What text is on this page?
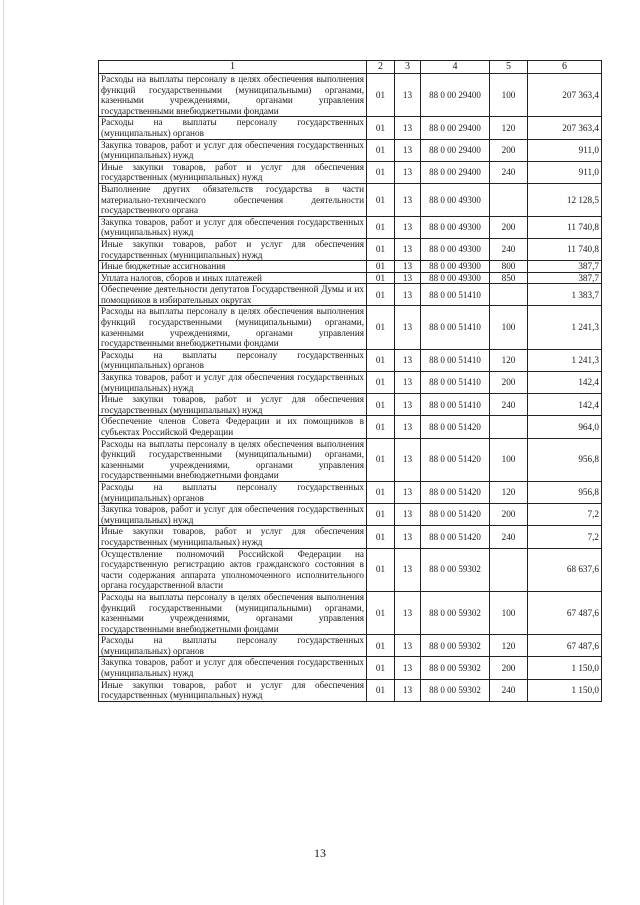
1	2	3	4	5	6
Расходы на выплаты персоналу в целях обеспечения выполнения функций государственными (муниципальными) органами, казенными учреждениями, органами управления государственными внебюджетными фондами	01	13	88 0 00 29400	100	207 363,4
Расходы на выплаты персоналу государственных (муниципальных) органов	01	13	88 0 00 29400	120	207 363,4
Закупка товаров, работ и услуг для обеспечения государственных (муниципальных) нужд	01	13	88 0 00 29400	200	911,0
Иные закупки товаров, работ и услуг для обеспечения государственных (муниципальных) нужд	01	13	88 0 00 29400	240	911,0
Выполнение других обязательств государства в части материально-технического обеспечения деятельности государственного органа	01	13	88 0 00 49300		12 128,5
Закупка товаров, работ и услуг для обеспечения государственных (муниципальных) нужд	01	13	88 0 00 49300	200	11 740,8
Иные закупки товаров, работ и услуг для обеспечения государственных (муниципальных) нужд	01	13	88 0 00 49300	240	11 740,8
Иные бюджетные ассигнования	01	13	88 0 00 49300	800	387,7
Уплата налогов, сборов и иных платежей	01	13	88 0 00 49300	850	387,7
Обеспечение деятельности депутатов Государственной Думы и их помощников в избирательных округах	01	13	88 0 00 51410		1 383,7
Расходы на выплаты персоналу в целях обеспечения выполнения функций государственными (муниципальными) органами, казенными учреждениями, органами управления государственными внебюджетными фондами	01	13	88 0 00 51410	100	1 241,3
Расходы на выплаты персоналу государственных (муниципальных) органов	01	13	88 0 00 51410	120	1 241,3
Закупка товаров, работ и услуг для обеспечения государственных (муниципальных) нужд	01	13	88 0 00 51410	200	142,4
Иные закупки товаров, работ и услуг для обеспечения государственных (муниципальных) нужд	01	13	88 0 00 51410	240	142,4
Обеспечение членов Совета Федерации и их помощников в субъектах Российской Федерации	01	13	88 0 00 51420		964,0
Расходы на выплаты персоналу в целях обеспечения выполнения функций государственными (муниципальными) органами, казенными учреждениями, органами управления государственными внебюджетными фондами	01	13	88 0 00 51420	100	956,8
Расходы на выплаты персоналу государственных (муниципальных) органов	01	13	88 0 00 51420	120	956,8
Закупка товаров, работ и услуг для обеспечения государственных (муниципальных) нужд	01	13	88 0 00 51420	200	7,2
Иные закупки товаров, работ и услуг для обеспечения государственных (муниципальных) нужд	01	13	88 0 00 51420	240	7,2
Осуществление полномочий Российской Федерации на государственную регистрацию актов гражданского состояния в части содержания аппарата уполномоченного исполнительного органа государственной власти	01	13	88 0 00 59302		68 637,6
Расходы на выплаты персоналу в целях обеспечения выполнения функций государственными (муниципальными) органами, казенными учреждениями, органами управления государственными внебюджетными фондами	01	13	88 0 00 59302	100	67 487,6
Расходы на выплаты персоналу государственных (муниципальных) органов	01	13	88 0 00 59302	120	67 487,6
Закупка товаров, работ и услуг для обеспечения государственных (муниципальных) нужд	01	13	88 0 00 59302	200	1 150,0
Иные закупки товаров, работ и услуг для обеспечения государственных (муниципальных) нужд	01	13	88 0 00 59302	240	1 150,0
13
